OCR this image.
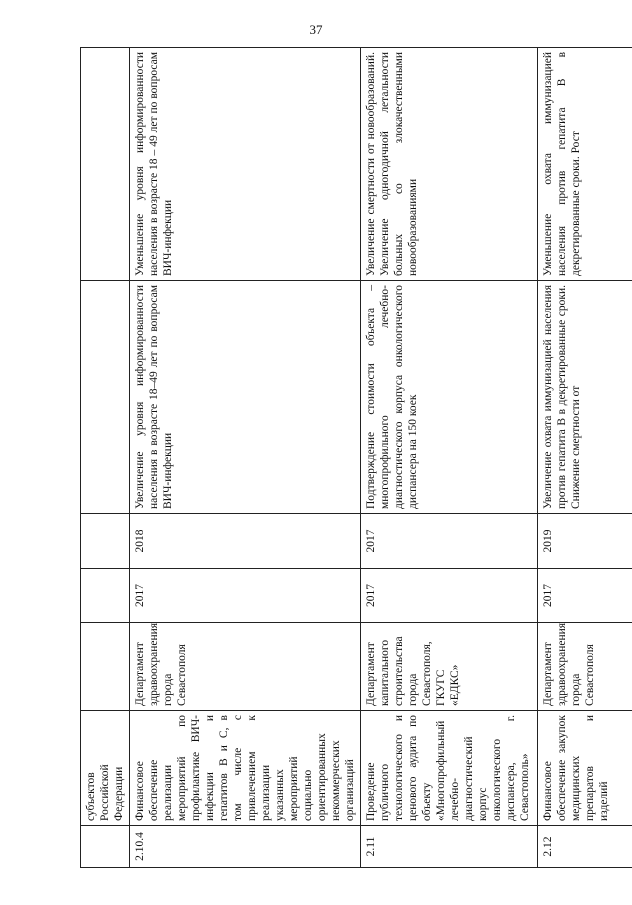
37
	субъектов Российской Федерации					
2.10.4	Финансовое обеспечение реализации мероприятий по профилактике ВИЧ-инфекции и гепатитов В и С, в том числе с привлечением к реализации указанных мероприятий социально ориентированных некоммерческих организаций	Департамент здравоохранения города Севастополя	2017	2018	Увеличение уровня информированности населения в возрасте 18–49 лет по вопросам ВИЧ-инфекции	Уменьшение уровня информированности населения в возрасте 18 – 49 лет по вопросам ВИЧ-инфекции
2.11	Проведение публичного технологического и ценового аудита по объекту «Многопрофильный лечебно-диагностический корпус онкологического диспансера, г. Севастополь»	Департамент капитального строительства города Севастополя, ГКУГС «ЕДКС»	2017	2017	Подтверждение стоимости объекта – многопрофильного лечебно-диагностического корпуса онкологического диспансера на 150 коек	Увеличение смертности от новообразований. Увеличение одногодичной летальности больных со злокачественными новообразованиями
2.12	Финансовое обеспечение закупок медицинских препаратов и изделий	Департамент здравоохранения города Севастополя	2017	2019	Увеличение охвата иммунизацией населения против гепатита В в декретированные сроки. Снижение смертности от	Уменьшение охвата иммунизацией населения против гепатита В в декретированные сроки. Рост
